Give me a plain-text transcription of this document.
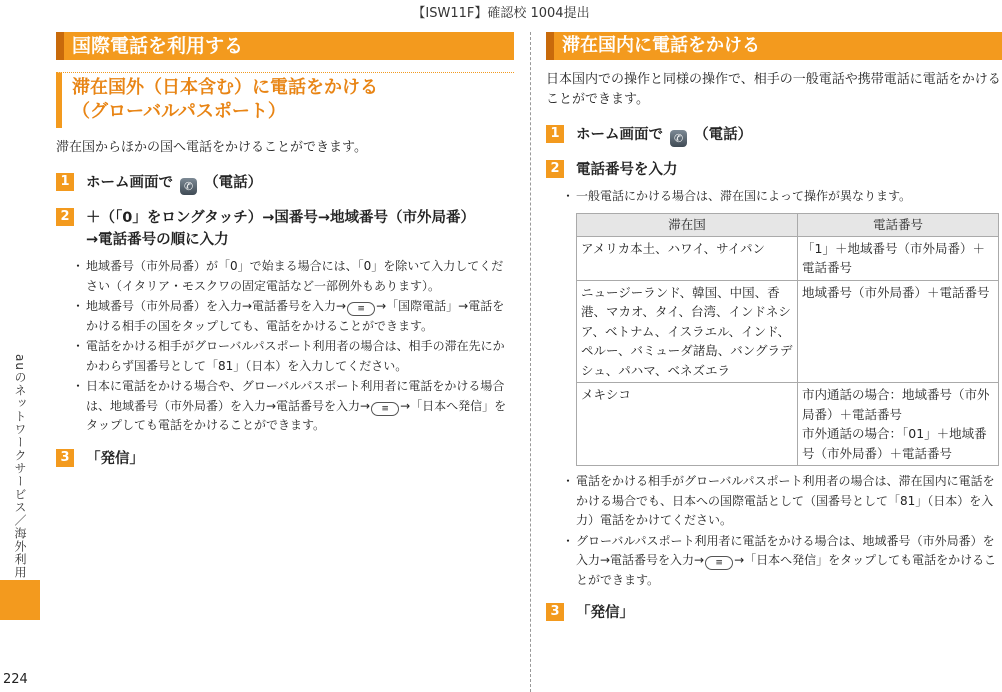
【ISW11F】確認校 1004提出
auのネットワークサービス／海外利用
224
国際電話を利用する
滞在国外（日本含む）に電話をかける
（グローバルパスポート）
滞在国からほかの国へ電話をかけることができます。
1	ホーム画面で ✆ （電話）
2	＋（「0」をロングタッチ）→国番号→地域番号（市外局番）
→電話番号の順に入力
・ 地域番号（市外局番）が「0」で始まる場合には、「0」を除いて入力してください（イタリア・モスクワの固定電話など一部例外もあります）。
・ 地域番号（市外局番）を入力→電話番号を入力→ ≡ →「国際電話」→電話をかける相手の国をタップしても、電話をかけることができます。
・ 電話をかける相手がグローバルパスポート利用者の場合は、相手の滞在先にかかわらず国番号として「81」（日本）を入力してください。
・ 日本に電話をかける場合や、グローバルパスポート利用者に電話をかける場合は、地域番号（市外局番）を入力→電話番号を入力→ ≡ →「日本へ発信」をタップしても電話をかけることができます。
3	「発信」
滞在国内に電話をかける
日本国内での操作と同様の操作で、相手の一般電話や携帯電話に電話をかけることができます。
1	ホーム画面で ✆ （電話）
2	電話番号を入力
・ 一般電話にかける場合は、滞在国によって操作が異なります。
滞在国	電話番号
アメリカ本土、ハワイ、サイパン	「1」＋地域番号（市外局番）＋電話番号
ニュージーランド、韓国、中国、香港、マカオ、タイ、台湾、インドネシア、ベトナム、イスラエル、インド、ペルー、バミューダ諸島、バングラデシュ、パハマ、ベネズエラ	地域番号（市外局番）＋電話番号
メキシコ	市内通話の場合：地域番号（市外局番）＋電話番号
市外通話の場合：「01」＋地域番号（市外局番）＋電話番号
・ 電話をかける相手がグローバルパスポート利用者の場合は、滞在国内に電話をかける場合でも、日本への国際電話として（国番号として「81」（日本）を入力）電話をかけてください。
・ グローバルパスポート利用者に電話をかける場合は、地域番号（市外局番）を入力→電話番号を入力→ ≡ →「日本へ発信」をタップしても電話をかけることができます。
3	「発信」
